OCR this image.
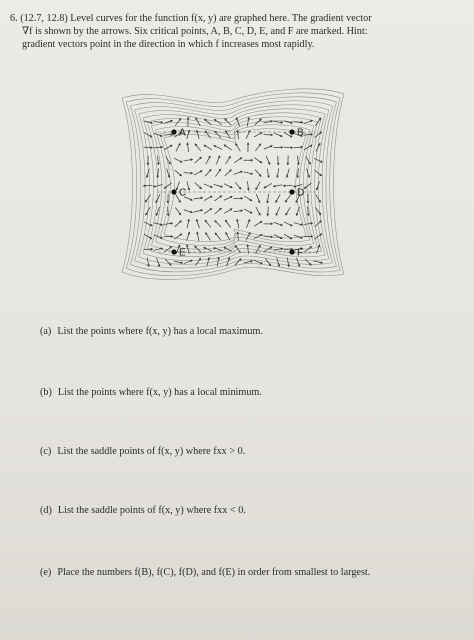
6. (12.7, 12.8) Level curves for the function f(x, y) are graphed here. The gradient vector

∇f is shown by the arrows. Six critical points, A, B, C, D, E, and F are marked. Hint:

gradient vectors point in the direction in which f increases most rapidly.

A	B
C	D
E	F
(a) List the points where f(x, y) has a local maximum.
(b) List the points where f(x, y) has a local minimum.
(c) List the saddle points of f(x, y) where fxx > 0.
(d) List the saddle points of f(x, y) where fxx < 0.
(e) Place the numbers f(B), f(C), f(D), and f(E) in order from smallest to largest.
